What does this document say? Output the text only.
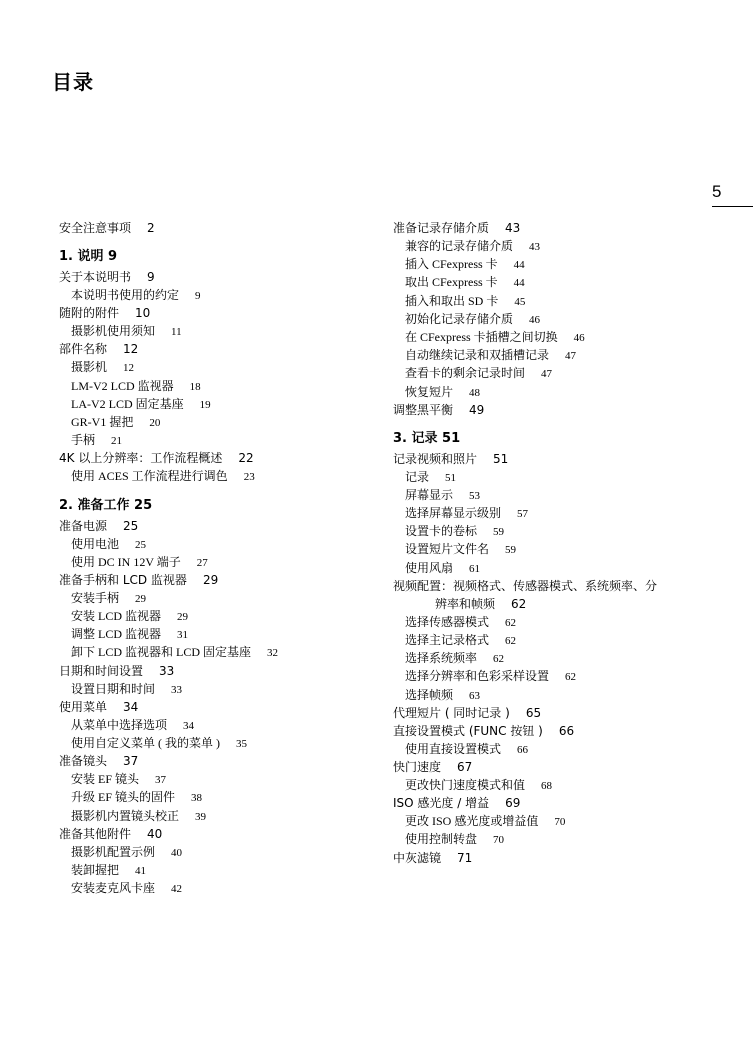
目录
5
安全注意事项 2
1. 说明 9
关于本说明书 9
本说明书使用的约定 9
随附的附件 10
摄影机使用须知 11
部件名称 12
摄影机 12
LM-V2 LCD 监视器 18
LA-V2 LCD 固定基座 19
GR-V1 握把 20
手柄 21
4K 以上分辨率：工作流程概述 22
使用 ACES 工作流程进行调色 23
2. 准备工作 25
准备电源 25
使用电池 25
使用 DC IN 12V 端子 27
准备手柄和 LCD 监视器 29
安装手柄 29
安装 LCD 监视器 29
调整 LCD 监视器 31
卸下 LCD 监视器和 LCD 固定基座 32
日期和时间设置 33
设置日期和时间 33
使用菜单 34
从菜单中选择选项 34
使用自定义菜单 ( 我的菜单 ) 35
准备镜头 37
安装 EF 镜头 37
升级 EF 镜头的固件 38
摄影机内置镜头校正 39
准备其他附件 40
摄影机配置示例 40
装卸握把 41
安装麦克风卡座 42
准备记录存储介质 43
兼容的记录存储介质 43
插入 CFexpress 卡 44
取出 CFexpress 卡 44
插入和取出 SD 卡 45
初始化记录存储介质 46
在 CFexpress 卡插槽之间切换 46
自动继续记录和双插槽记录 47
查看卡的剩余记录时间 47
恢复短片 48
调整黑平衡 49
3. 记录 51
记录视频和照片 51
记录 51
屏幕显示 53
选择屏幕显示级别 57
设置卡的卷标 59
设置短片文件名 59
使用风扇 61
视频配置：视频格式、传感器模式、系统频率、分
辨率和帧频 62
选择传感器模式 62
选择主记录格式 62
选择系统频率 62
选择分辨率和色彩采样设置 62
选择帧频 63
代理短片 ( 同时记录 ) 65
直接设置模式 (FUNC 按钮 ) 66
使用直接设置模式 66
快门速度 67
更改快门速度模式和值 68
ISO 感光度 / 增益 69
更改 ISO 感光度或增益值 70
使用控制转盘 70
中灰滤镜 71
